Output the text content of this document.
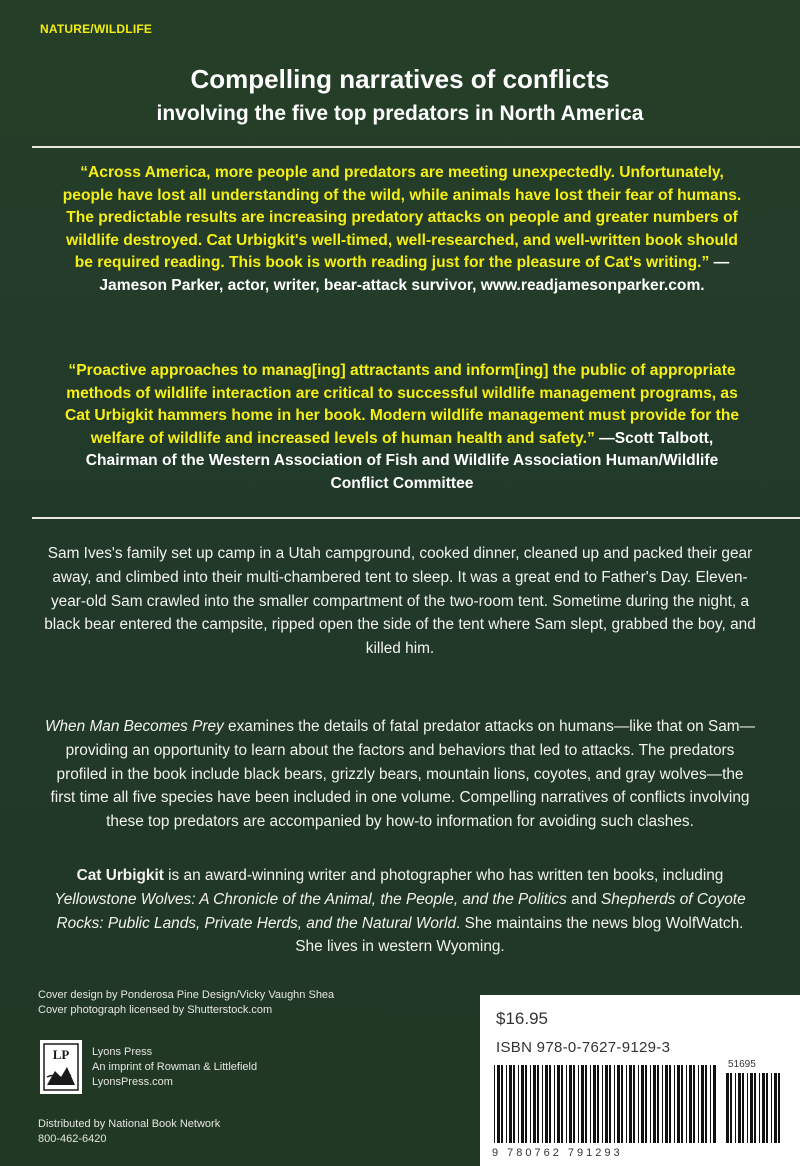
NATURE/WILDLIFE
Compelling narratives of conflicts
involving the five top predators in North America
“Across America, more people and predators are meeting unexpectedly. Unfortunately, people have lost all understanding of the wild, while animals have lost their fear of humans. The predictable results are increasing predatory attacks on people and greater numbers of wildlife destroyed. Cat Urbigkit's well-timed, well-researched, and well-written book should be required reading. This book is worth reading just for the pleasure of Cat's writing.” —Jameson Parker, actor, writer, bear-attack survivor, www.readjamesonparker.com.
“Proactive approaches to manag[ing] attractants and inform[ing] the public of appropriate methods of wildlife interaction are critical to successful wildlife management programs, as Cat Urbigkit hammers home in her book. Modern wildlife management must provide for the welfare of wildlife and increased levels of human health and safety.” —Scott Talbott, Chairman of the Western Association of Fish and Wildlife Association Human/Wildlife Conflict Committee
Sam Ives's family set up camp in a Utah campground, cooked dinner, cleaned up and packed their gear away, and climbed into their multi-chambered tent to sleep. It was a great end to Father's Day. Eleven-year-old Sam crawled into the smaller compartment of the two-room tent. Sometime during the night, a black bear entered the campsite, ripped open the side of the tent where Sam slept, grabbed the boy, and killed him.
When Man Becomes Prey examines the details of fatal predator attacks on humans—like that on Sam—providing an opportunity to learn about the factors and behaviors that led to attacks. The predators profiled in the book include black bears, grizzly bears, mountain lions, coyotes, and gray wolves—the first time all five species have been included in one volume. Compelling narratives of conflicts involving these top predators are accompanied by how-to information for avoiding such clashes.
Cat Urbigkit is an award-winning writer and photographer who has written ten books, including Yellowstone Wolves: A Chronicle of the Animal, the People, and the Politics and Shepherds of Coyote Rocks: Public Lands, Private Herds, and the Natural World. She maintains the news blog WolfWatch. She lives in western Wyoming.
Cover design by Ponderosa Pine Design/Vicky Vaughn Shea
Cover photograph licensed by Shutterstock.com
LP Lyons Press
An imprint of Rowman & Littlefield
LyonsPress.com
Distributed by National Book Network
800-462-6420
$16.95
ISBN 978-0-7627-9129-3
51695
9 780762 791293
